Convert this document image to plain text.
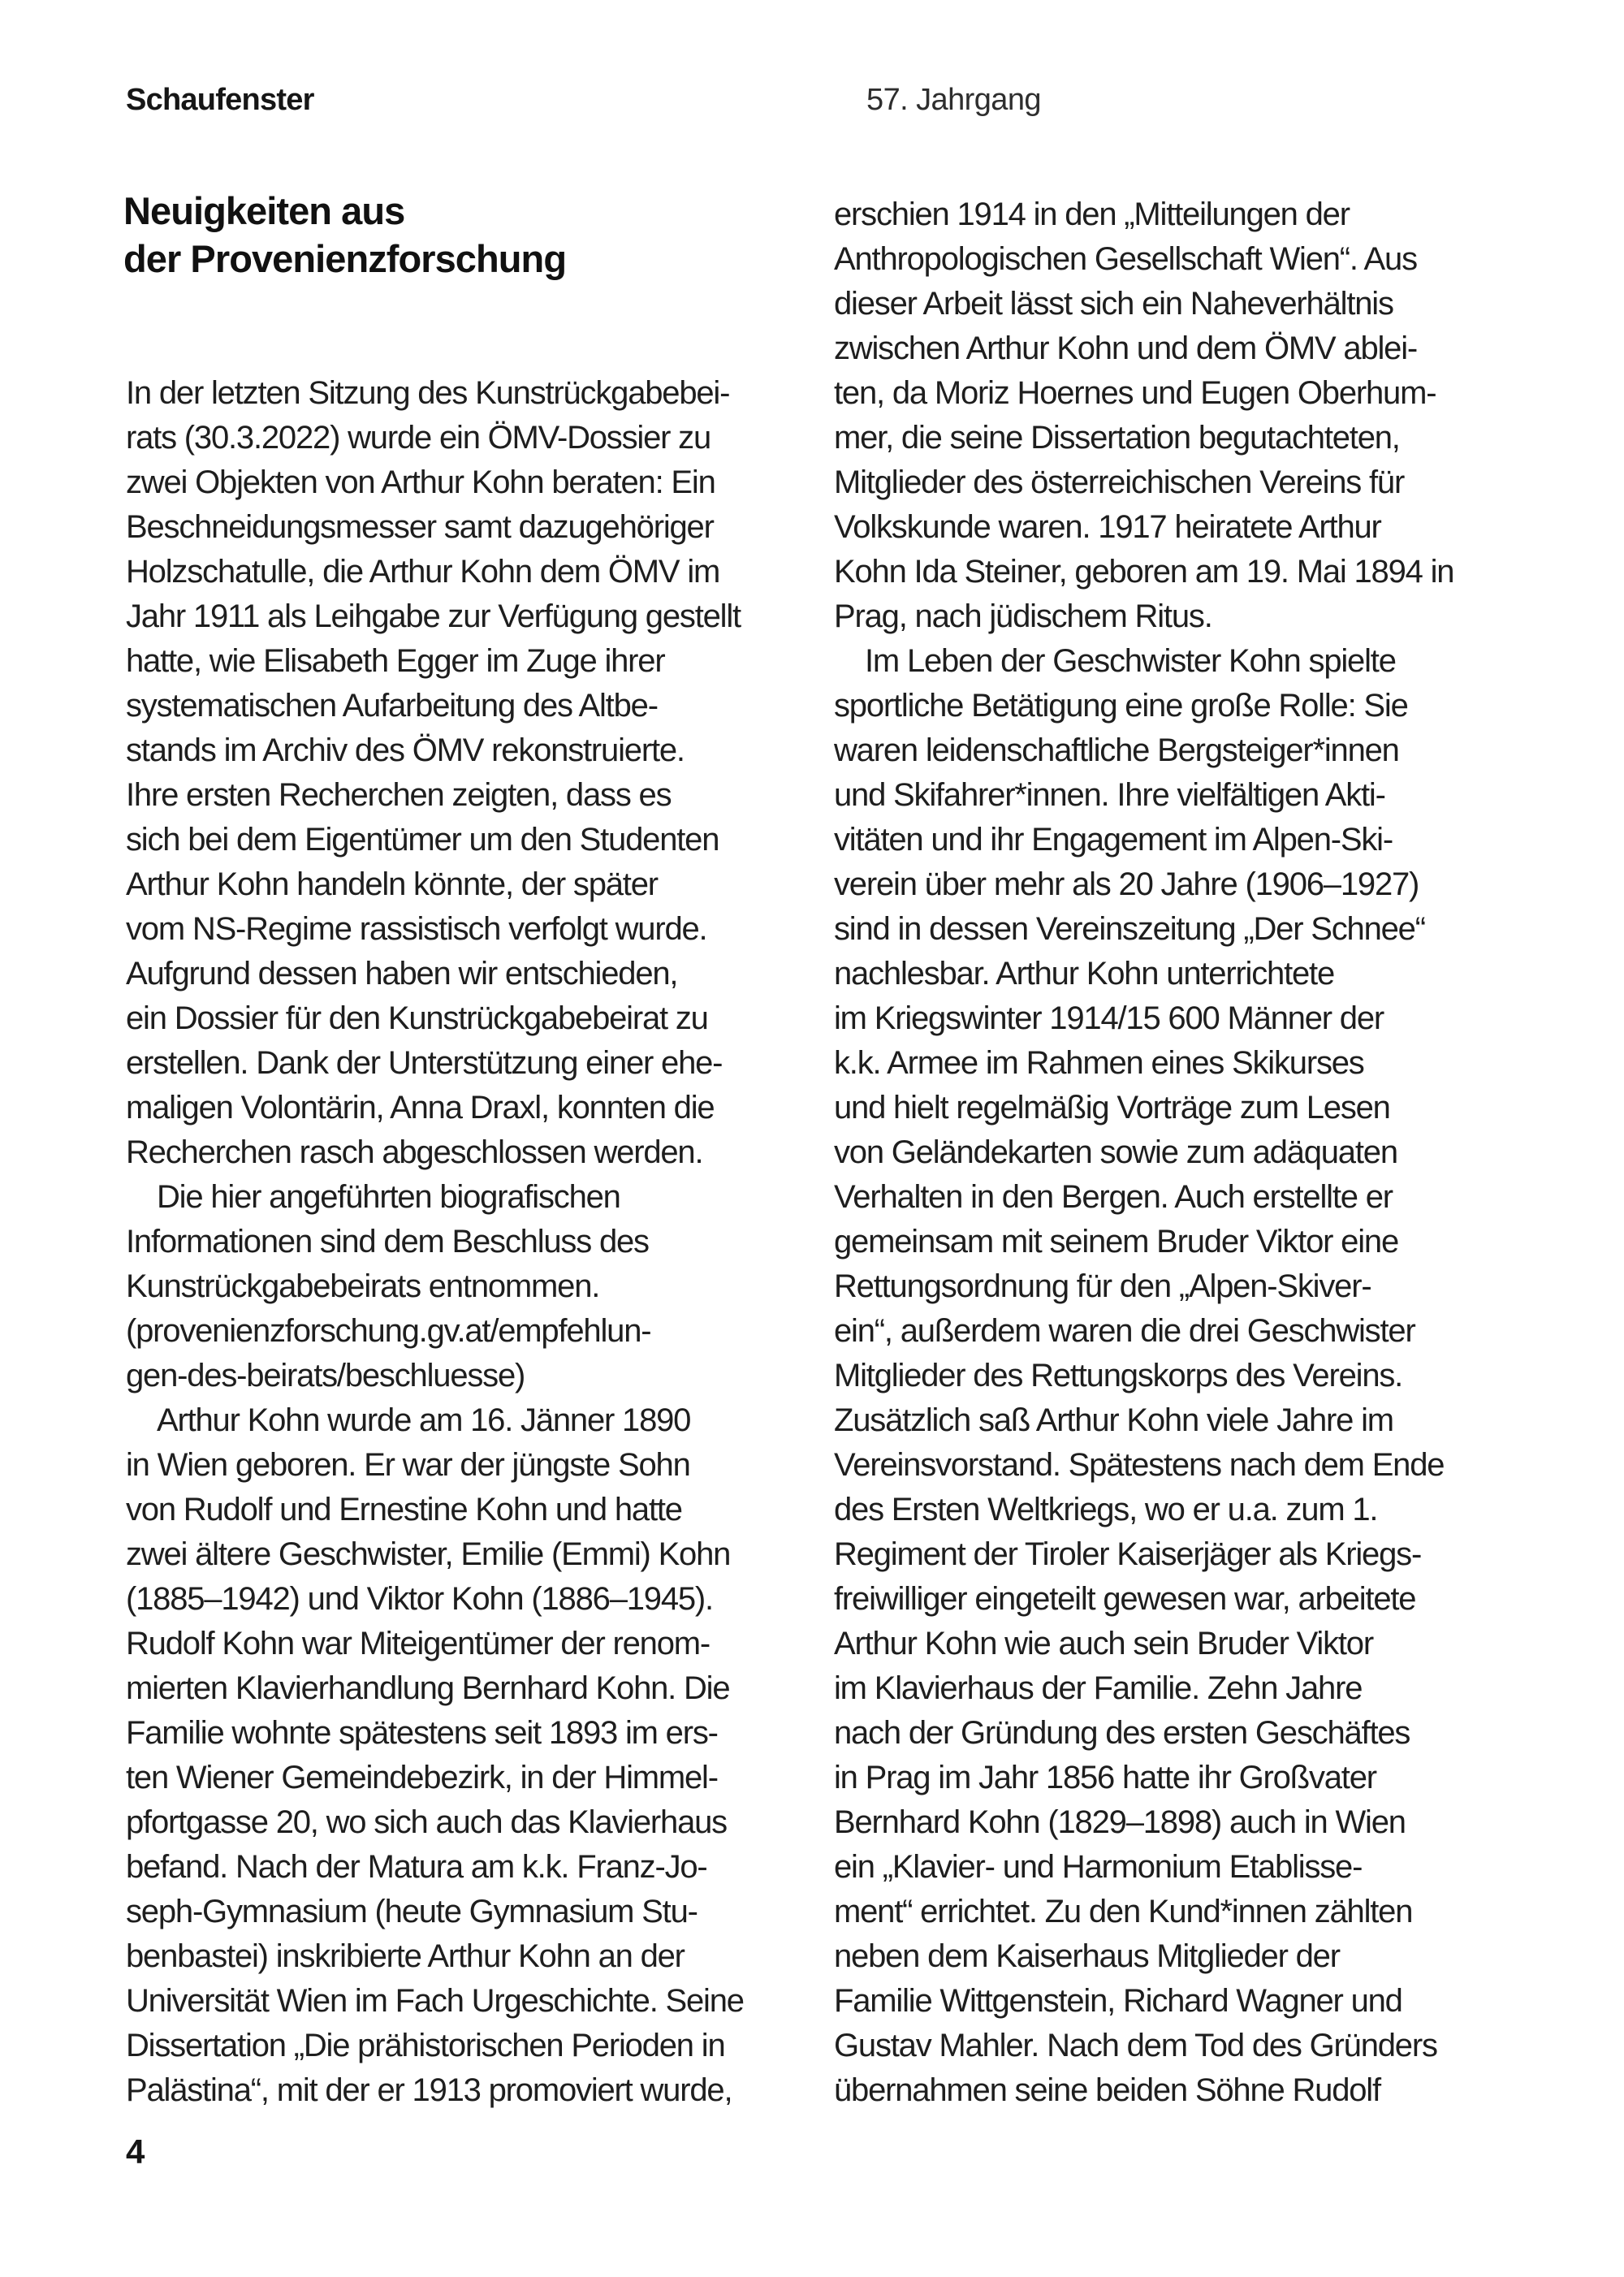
Schaufenster	57. Jahrgang
Neuigkeiten aus
der Provenienzforschung
In der letzten Sitzung des Kunstrückgabebei-
rats (30.3.2022) wurde ein ÖMV-Dossier zu
zwei Objekten von Arthur Kohn beraten: Ein
Beschneidungsmesser samt dazugehöriger
Holzschatulle, die Arthur Kohn dem ÖMV im
Jahr 1911 als Leihgabe zur Verfügung gestellt
hatte, wie Elisabeth Egger im Zuge ihrer
systematischen Aufarbeitung des Altbe-
stands im Archiv des ÖMV rekonstruierte.
Ihre ersten Recherchen zeigten, dass es
sich bei dem Eigentümer um den Studenten
Arthur Kohn handeln könnte, der später
vom NS-Regime rassistisch verfolgt wurde.
Aufgrund dessen haben wir entschieden,
ein Dossier für den Kunstrückgabebeirat zu
erstellen. Dank der Unterstützung einer ehe-
maligen Volontärin, Anna Draxl, konnten die
Recherchen rasch abgeschlossen werden.
Die hier angeführten biografischen
Informationen sind dem Beschluss des
Kunstrückgabebeirats entnommen.
(provenienzforschung.gv.at/empfehlun-
gen-des-beirats/beschluesse)
Arthur Kohn wurde am 16. Jänner 1890
in Wien geboren. Er war der jüngste Sohn
von Rudolf und Ernestine Kohn und hatte
zwei ältere Geschwister, Emilie (Emmi) Kohn
(1885–1942) und Viktor Kohn (1886–1945).
Rudolf Kohn war Miteigentümer der renom-
mierten Klavierhandlung Bernhard Kohn. Die
Familie wohnte spätestens seit 1893 im ers-
ten Wiener Gemeindebezirk, in der Himmel-
pfortgasse 20, wo sich auch das Klavierhaus
befand. Nach der Matura am k.k. Franz-Jo-
seph-Gymnasium (heute Gymnasium Stu-
benbastei) inskribierte Arthur Kohn an der
Universität Wien im Fach Urgeschichte. Seine
Dissertation „Die prähistorischen Perioden in
Palästina“, mit der er 1913 promoviert wurde,
erschien 1914 in den „Mitteilungen der
Anthropologischen Gesellschaft Wien“. Aus
dieser Arbeit lässt sich ein Naheverhältnis
zwischen Arthur Kohn und dem ÖMV ablei-
ten, da Moriz Hoernes und Eugen Oberhum-
mer, die seine Dissertation begutachteten,
Mitglieder des österreichischen Vereins für
Volkskunde waren. 1917 heiratete Arthur
Kohn Ida Steiner, geboren am 19. Mai 1894 in
Prag, nach jüdischem Ritus.
Im Leben der Geschwister Kohn spielte
sportliche Betätigung eine große Rolle: Sie
waren leidenschaftliche Bergsteiger*innen
und Skifahrer*innen. Ihre vielfältigen Akti-
vitäten und ihr Engagement im Alpen-Ski-
verein über mehr als 20 Jahre (1906–1927)
sind in dessen Vereinszeitung „Der Schnee“
nachlesbar. Arthur Kohn unterrichtete
im Kriegswinter 1914/15 600 Männer der
k.k. Armee im Rahmen eines Skikurses
und hielt regelmäßig Vorträge zum Lesen
von Geländekarten sowie zum adäquaten
Verhalten in den Bergen. Auch erstellte er
gemeinsam mit seinem Bruder Viktor eine
Rettungsordnung für den „Alpen-Skiver-
ein“, außerdem waren die drei Geschwister
Mitglieder des Rettungskorps des Vereins.
Zusätzlich saß Arthur Kohn viele Jahre im
Vereinsvorstand. Spätestens nach dem Ende
des Ersten Weltkriegs, wo er u.a. zum 1.
Regiment der Tiroler Kaiserjäger als Kriegs-
freiwilliger eingeteilt gewesen war, arbeitete
Arthur Kohn wie auch sein Bruder Viktor
im Klavierhaus der Familie. Zehn Jahre
nach der Gründung des ersten Geschäftes
in Prag im Jahr 1856 hatte ihr Großvater
Bernhard Kohn (1829–1898) auch in Wien
ein „Klavier- und Harmonium Etablisse-
ment“ errichtet. Zu den Kund*innen zählten
neben dem Kaiserhaus Mitglieder der
Familie Wittgenstein, Richard Wagner und
Gustav Mahler. Nach dem Tod des Gründers
übernahmen seine beiden Söhne Rudolf
4
